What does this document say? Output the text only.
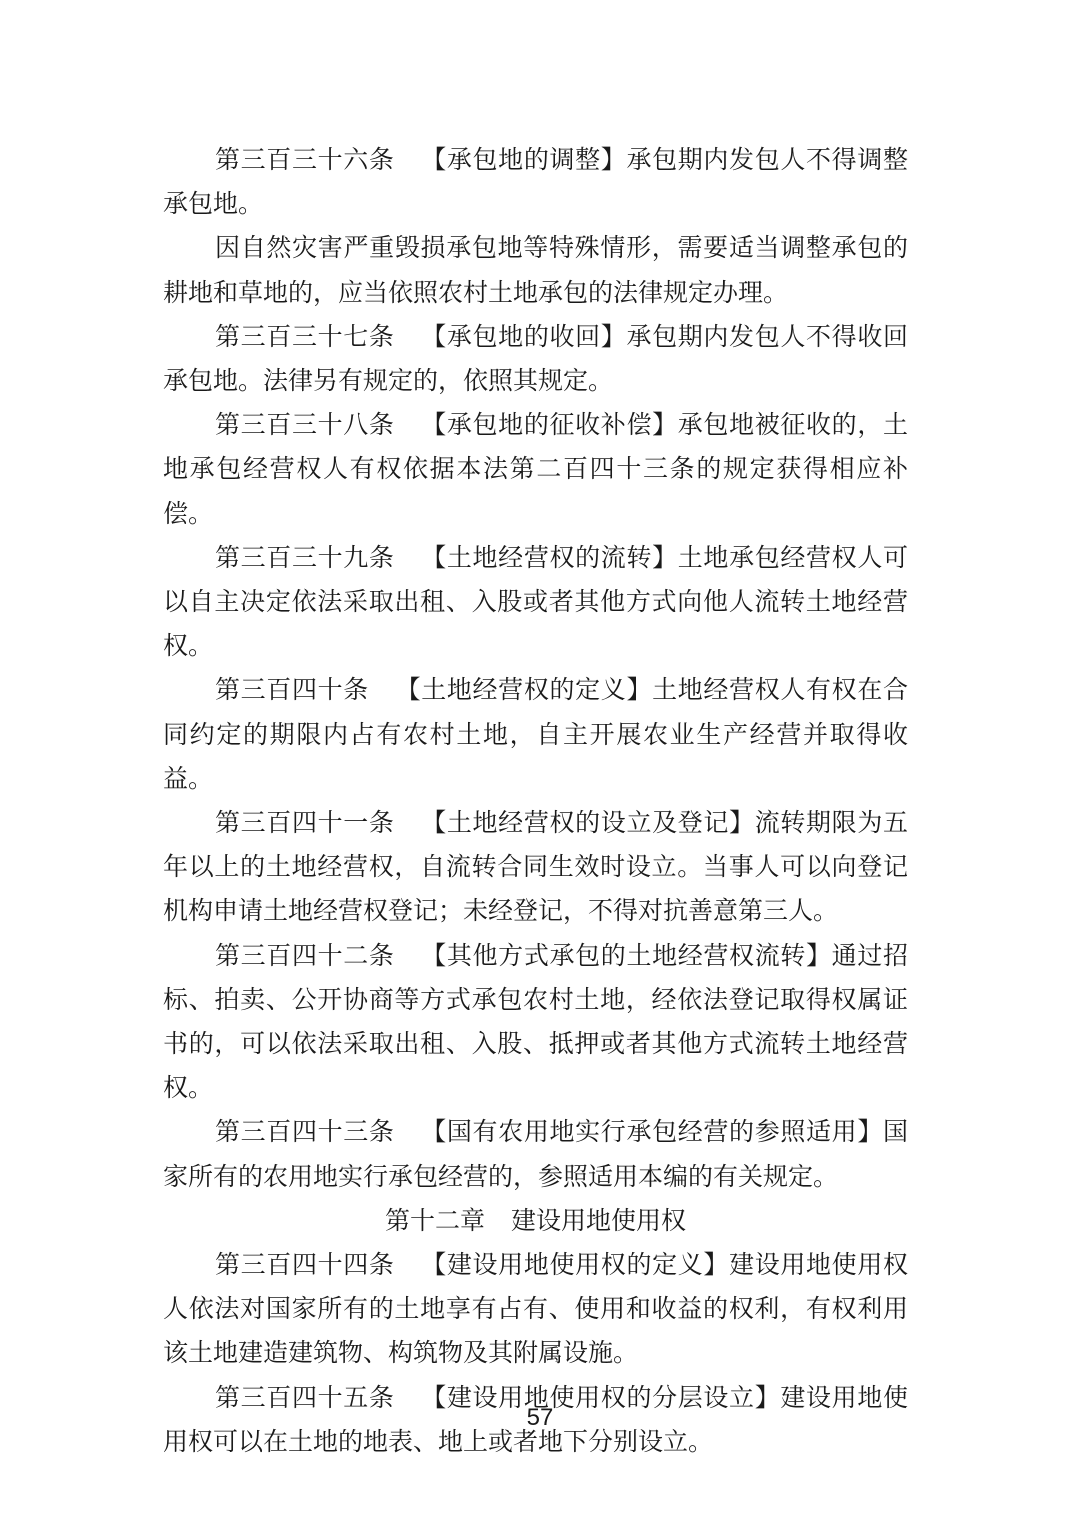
第三百三十六条 【承包地的调整】承包期内发包人不得调整承包地。

因自然灾害严重毁损承包地等特殊情形，需要适当调整承包的耕地和草地的，应当依照农村土地承包的法律规定办理。

第三百三十七条 【承包地的收回】承包期内发包人不得收回承包地。法律另有规定的，依照其规定。

第三百三十八条 【承包地的征收补偿】承包地被征收的，土地承包经营权人有权依据本法第二百四十三条的规定获得相应补偿。

第三百三十九条 【土地经营权的流转】土地承包经营权人可以自主决定依法采取出租、入股或者其他方式向他人流转土地经营权。

第三百四十条 【土地经营权的定义】土地经营权人有权在合同约定的期限内占有农村土地，自主开展农业生产经营并取得收益。

第三百四十一条 【土地经营权的设立及登记】流转期限为五年以上的土地经营权，自流转合同生效时设立。当事人可以向登记机构申请土地经营权登记；未经登记，不得对抗善意第三人。

第三百四十二条 【其他方式承包的土地经营权流转】通过招标、拍卖、公开协商等方式承包农村土地，经依法登记取得权属证书的，可以依法采取出租、入股、抵押或者其他方式流转土地经营权。

第三百四十三条 【国有农用地实行承包经营的参照适用】国家所有的农用地实行承包经营的，参照适用本编的有关规定。

第十二章 建设用地使用权

第三百四十四条 【建设用地使用权的定义】建设用地使用权人依法对国家所有的土地享有占有、使用和收益的权利，有权利用该土地建造建筑物、构筑物及其附属设施。

第三百四十五条 【建设用地使用权的分层设立】建设用地使用权可以在土地的地表、地上或者地下分别设立。

57
